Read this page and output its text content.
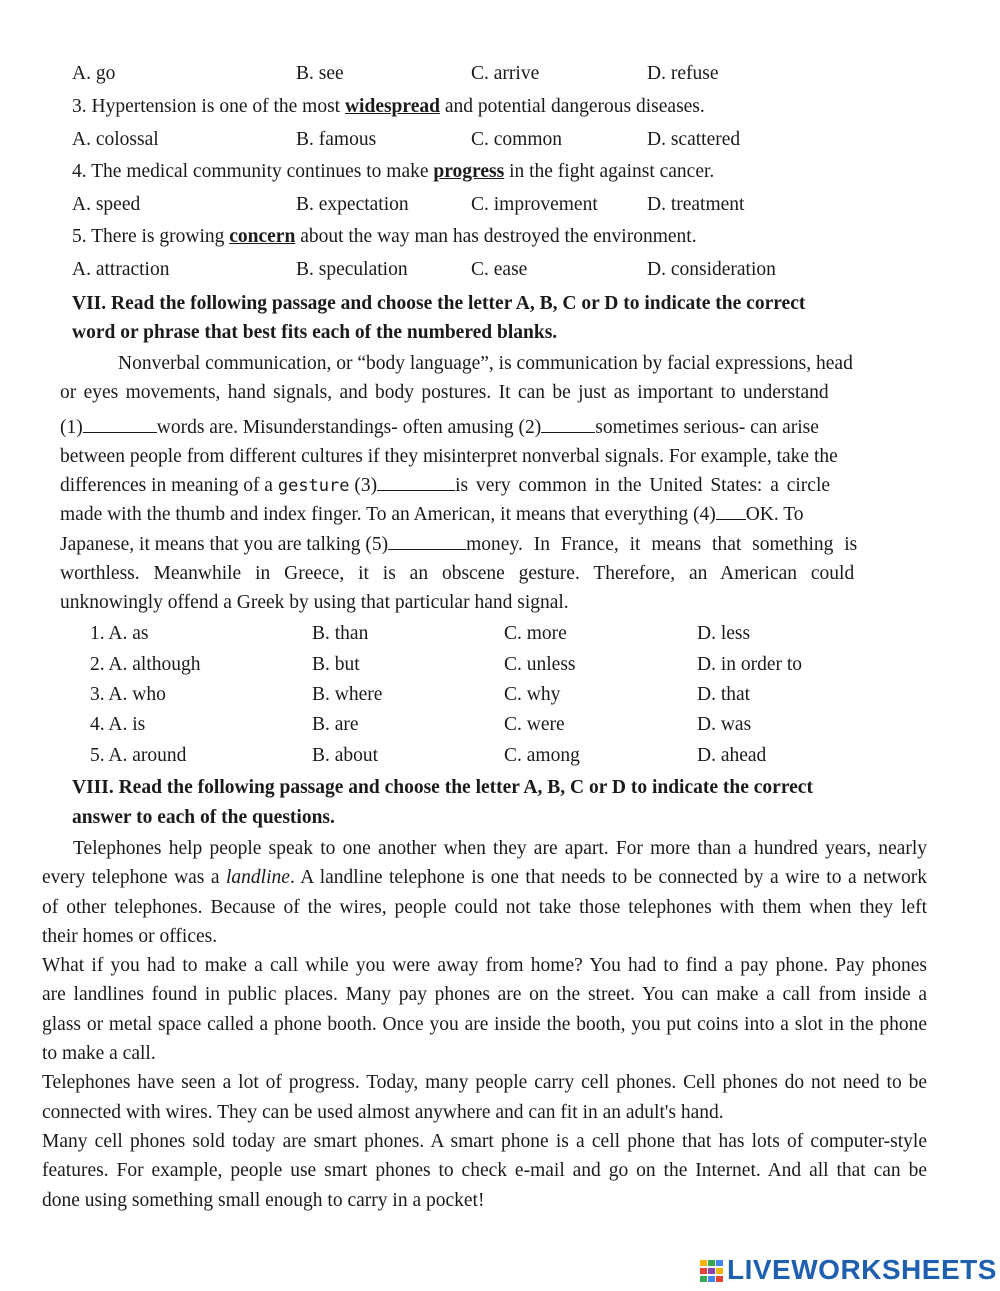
A. go	B. see	C. arrive	D. refuse
3. Hypertension is one of the most widespread and potential dangerous diseases.
A. colossal	B. famous	C. common	D. scattered
4. The medical community continues to make progress in the fight against cancer.
A. speed	B. expectation	C. improvement	D. treatment
5. There is growing concern about the way man has destroyed the environment.
A. attraction	B. speculation	C. ease	D. consideration
VII. Read the following passage and choose the letter A, B, C or D to indicate the correct
word or phrase that best fits each of the numbered blanks.
Nonverbal communication, or “body language”, is communication by facial expressions, head
or eyes movements, hand signals, and body postures. It can be just as important to understand
(1)	words are. Misunderstandings- often amusing (2)	sometimes serious- can arise
between people from different cultures if they misinterpret nonverbal signals. For example, take the
differences in meaning of a gesture (3)	is very common in the United States: a circle
made with the thumb and index finger. To an American, it means that everything (4) OK. To
Japanese, it means that you are talking (5)	money. In France, it means that something is
worthless. Meanwhile in Greece, it is an obscene gesture. Therefore, an American could
unknowingly offend a Greek by using that particular hand signal.
1. A. as	B. than	C. more	D. less
2. A. although	B. but	C. unless	D. in order to
3. A. who	B. where	C. why	D. that
4. A. is	B. are	C. were	D. was
5. A. around	B. about	C. among	D. ahead
VIII. Read the following passage and choose the letter A, B, C or D to indicate the correct
answer to each of the questions.
Telephones help people speak to one another when they are apart. For more than a hundred years, nearly
every telephone was a landline. A landline telephone is one that needs to be connected by a wire to a network
of other telephones. Because of the wires, people could not take those telephones with them when they left
their homes or offices.
What if you had to make a call while you were away from home? You had to find a pay phone. Pay phones
are landlines found in public places. Many pay phones are on the street. You can make a call from inside a
glass or metal space called a phone booth. Once you are inside the booth, you put coins into a slot in the phone
to make a call.
Telephones have seen a lot of progress. Today, many people carry cell phones. Cell phones do not need to be
connected with wires. They can be used almost anywhere and can fit in an adult's hand.
Many cell phones sold today are smart phones. A smart phone is a cell phone that has lots of computer-style
features. For example, people use smart phones to check e-mail and go on the Internet. And all that can be
done using something small enough to carry in a pocket!
LIVEWORKSHEETS
